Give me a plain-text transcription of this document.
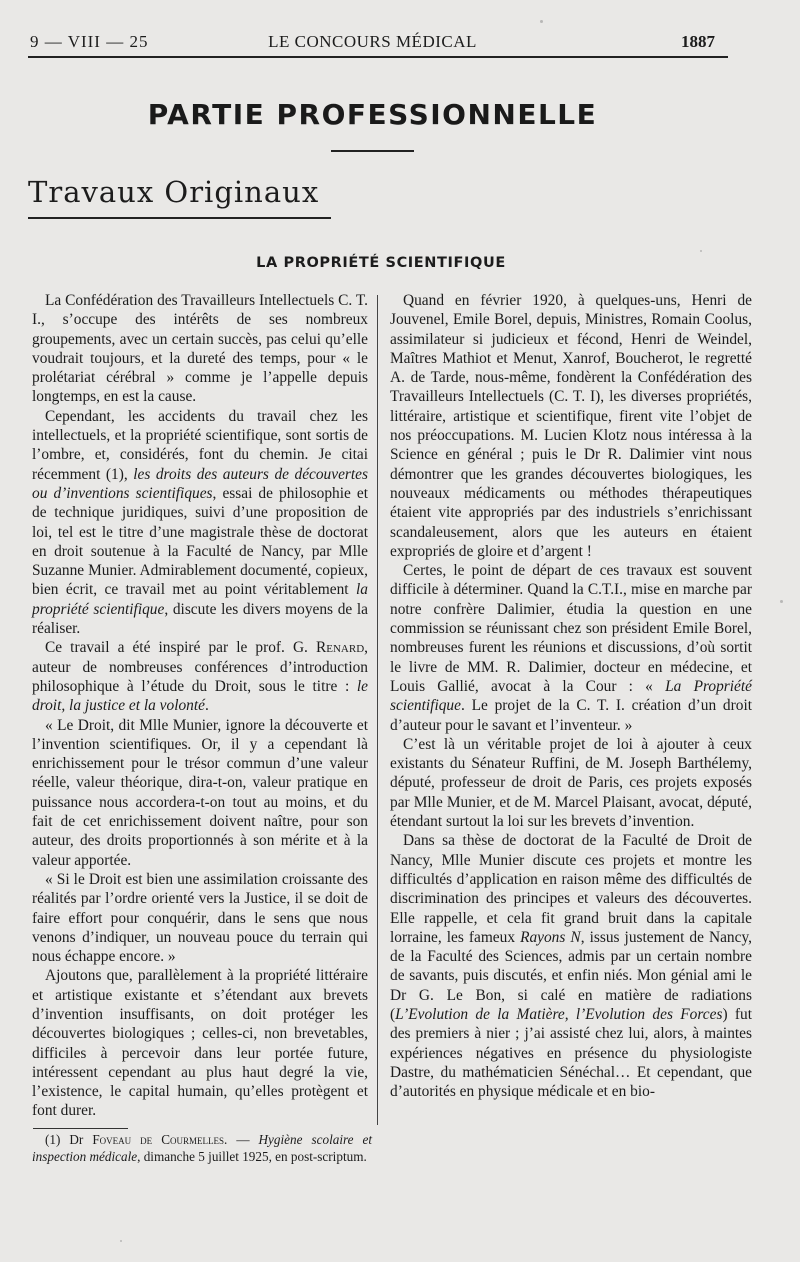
9 — VIII — 25	LE CONCOURS MÉDICAL	1887
PARTIE PROFESSIONNELLE
Travaux Originaux
LA PROPRIÉTÉ SCIENTIFIQUE

La Confédération des Travailleurs Intellectuels C. T. I., s’occupe des intérêts de ses nombreux groupements, avec un certain succès, pas celui qu’elle voudrait toujours, et la dureté des temps, pour « le prolétariat cérébral » comme je l’appelle depuis longtemps, en est la cause.

Cependant, les accidents du travail chez les intellectuels, et la propriété scientifique, sont sortis de l’ombre, et, considérés, font du chemin. Je citai récemment (1), les droits des auteurs de découvertes ou d’inventions scientifiques, essai de philosophie et de technique juridiques, suivi d’une proposition de loi, tel est le titre d’une magistrale thèse de doctorat en droit soutenue à la Faculté de Nancy, par Mlle Suzanne Munier. Admirablement documenté, copieux, bien écrit, ce travail met au point véritablement la propriété scientifique, discute les divers moyens de la réaliser.

Ce travail a été inspiré par le prof. G. Renard, auteur de nombreuses conférences d’introduction philosophique à l’étude du Droit, sous le titre : le droit, la justice et la volonté.

« Le Droit, dit Mlle Munier, ignore la découverte et l’invention scientifiques. Or, il y a cependant là enrichissement pour le trésor commun d’une valeur réelle, valeur théorique, dira-t-on, valeur pratique en puissance nous accordera-t-on tout au moins, et du fait de cet enrichissement doivent naître, pour son auteur, des droits proportionnés à son mérite et à la valeur apportée.

« Si le Droit est bien une assimilation croissante des réalités par l’ordre orienté vers la Justice, il se doit de faire effort pour conquérir, dans le sens que nous venons d’indiquer, un nouveau pouce du terrain qui nous échappe encore. »

Ajoutons que, parallèlement à la propriété littéraire et artistique existante et s’étendant aux brevets d’invention insuffisants, on doit protéger les découvertes biologiques ; celles-ci, non brevetables, difficiles à percevoir dans leur portée future, intéressent cependant au plus haut degré la vie, l’existence, le capital humain, qu’elles protègent et font durer.

(1) Dr Foveau de Courmelles. — Hygiène scolaire et inspection médicale, dimanche 5 juillet 1925, en post-scriptum.

Quand en février 1920, à quelques-uns, Henri de Jouvenel, Emile Borel, depuis, Ministres, Romain Coolus, assimilateur si judicieux et fécond, Henri de Weindel, Maîtres Mathiot et Menut, Xanrof, Boucherot, le regretté A. de Tarde, nous-même, fondèrent la Confédération des Travailleurs Intellectuels (C. T. I), les diverses propriétés, littéraire, artistique et scientifique, firent vite l’objet de nos préoccupations. M. Lucien Klotz nous intéressa à la Science en général ; puis le Dr R. Dalimier vint nous démontrer que les grandes découvertes biologiques, les nouveaux médicaments ou méthodes thérapeutiques étaient vite appropriés par des industriels s’enrichissant scandaleusement, alors que les auteurs en étaient expropriés de gloire et d’argent !

Certes, le point de départ de ces travaux est souvent difficile à déterminer. Quand la C.T.I., mise en marche par notre confrère Dalimier, étudia la question en une commission se réunissant chez son président Emile Borel, nombreuses furent les réunions et discussions, d’où sortit le livre de MM. R. Dalimier, docteur en médecine, et Louis Gallié, avocat à la Cour : « La Propriété scientifique. Le projet de la C. T. I. création d’un droit d’auteur pour le savant et l’inventeur. »

C’est là un véritable projet de loi à ajouter à ceux existants du Sénateur Ruffini, de M. Joseph Barthélemy, député, professeur de droit de Paris, ces projets exposés par Mlle Munier, et de M. Marcel Plaisant, avocat, député, étendant surtout la loi sur les brevets d’invention.

Dans sa thèse de doctorat de la Faculté de Droit de Nancy, Mlle Munier discute ces projets et montre les difficultés d’application en raison même des difficultés de discrimination des principes et valeurs des découvertes. Elle rappelle, et cela fit grand bruit dans la capitale lorraine, les fameux Rayons N, issus justement de Nancy, de la Faculté des Sciences, admis par un certain nombre de savants, puis discutés, et enfin niés. Mon génial ami le Dr G. Le Bon, si calé en matière de radiations (L’Evolution de la Matière, l’Evolution des Forces) fut des premiers à nier ; j’ai assisté chez lui, alors, à maintes expériences négatives en présence du physiologiste Dastre, du mathématicien Sénéchal… Et cependant, que d’autorités en physique médicale et en bio-
